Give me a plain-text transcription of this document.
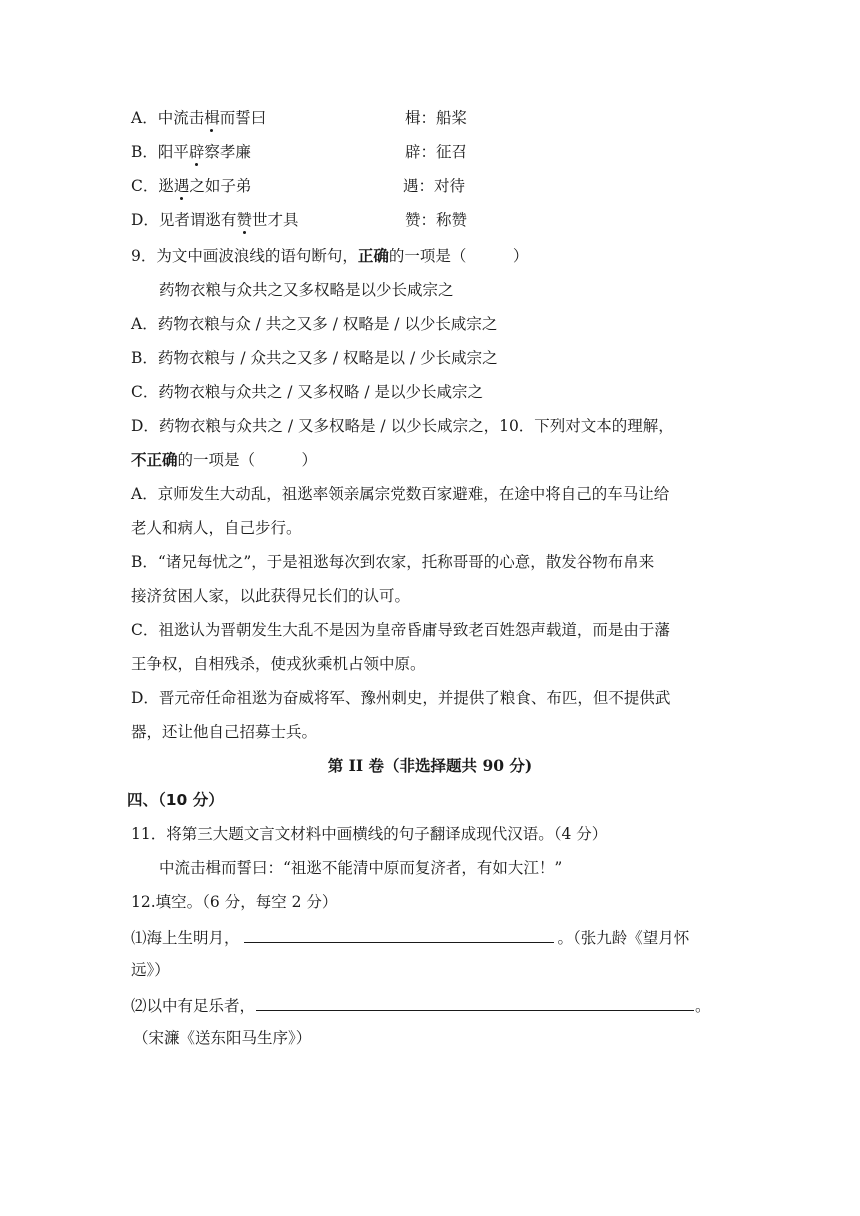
A．中流击楫而誓曰	楫：船桨
B．阳平辟察孝廉	辟：征召
C．逖遇之如子弟	遇：对待
D．见者谓逖有赞世才具	赞：称赞
9．为文中画波浪线的语句断句，正确的一项是（　　　）
药物衣粮与众共之又多权略是以少长咸宗之
A．药物衣粮与众 / 共之又多 / 权略是 / 以少长咸宗之
B．药物衣粮与 / 众共之又多 / 权略是以 / 少长咸宗之
C．药物衣粮与众共之 / 又多权略 / 是以少长咸宗之
D．药物衣粮与众共之 / 又多权略是 / 以少长咸宗之，10．下列对文本的理解，
不正确的一项是（　　　）
A．京师发生大动乱，祖逖率领亲属宗党数百家避难，在途中将自己的车马让给
老人和病人，自己步行。
B．“诸兄每忧之”，于是祖逖每次到农家，托称哥哥的心意，散发谷物布帛来
接济贫困人家，以此获得兄长们的认可。
C．祖逖认为晋朝发生大乱不是因为皇帝昏庸导致老百姓怨声载道，而是由于藩
王争权，自相残杀，使戎狄乘机占领中原。
D．晋元帝任命祖逖为奋威将军、豫州刺史，并提供了粮食、布匹，但不提供武
器，还让他自己招募士兵。
第 II 卷（非选择题共 90 分)
四、（10 分）
11．将第三大题文言文材料中画横线的句子翻译成现代汉语。（4 分）
中流击楫而誓曰：“祖逖不能清中原而复济者，有如大江！”
12.填空。（6 分，每空 2 分）
⑴海上生明月，	。（张九龄《望月怀
远》）
⑵以中有足乐者，	。
（宋濂《送东阳马生序》）
